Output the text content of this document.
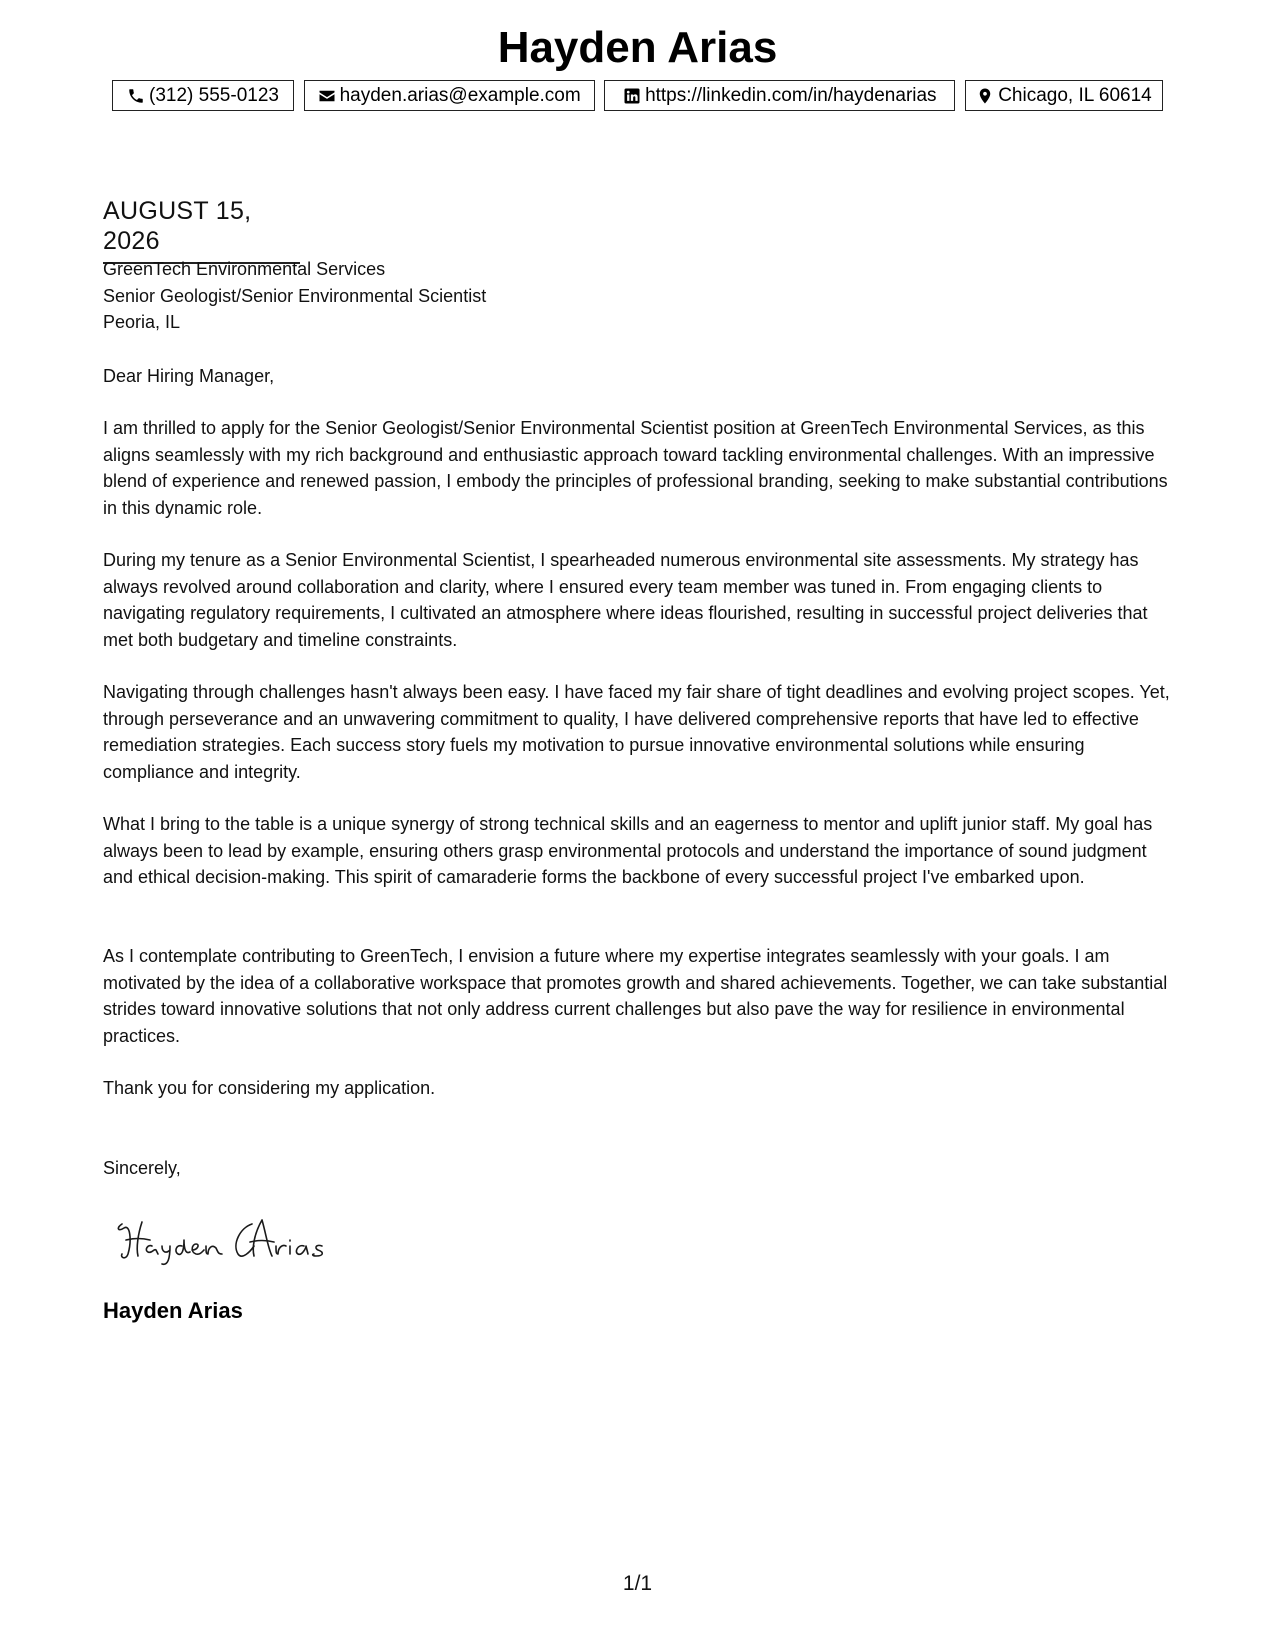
Hayden Arias
(312) 555-0123	hayden.arias@example.com	https://linkedin.com/in/haydenarias	Chicago, IL 60614
AUGUST 15, 2026
GreenTech Environmental Services
Senior Geologist/Senior Environmental Scientist
Peoria, IL
Dear Hiring Manager,
I am thrilled to apply for the Senior Geologist/Senior Environmental Scientist position at GreenTech Environmental Services, as this aligns seamlessly with my rich background and enthusiastic approach toward tackling environmental challenges. With an impressive blend of experience and renewed passion, I embody the principles of professional branding, seeking to make substantial contributions in this dynamic role.
During my tenure as a Senior Environmental Scientist, I spearheaded numerous environmental site assessments. My strategy has always revolved around collaboration and clarity, where I ensured every team member was tuned in. From engaging clients to navigating regulatory requirements, I cultivated an atmosphere where ideas flourished, resulting in successful project deliveries that met both budgetary and timeline constraints.
Navigating through challenges hasn't always been easy. I have faced my fair share of tight deadlines and evolving project scopes. Yet, through perseverance and an unwavering commitment to quality, I have delivered comprehensive reports that have led to effective remediation strategies. Each success story fuels my motivation to pursue innovative environmental solutions while ensuring compliance and integrity.
What I bring to the table is a unique synergy of strong technical skills and an eagerness to mentor and uplift junior staff. My goal has always been to lead by example, ensuring others grasp environmental protocols and understand the importance of sound judgment and ethical decision-making. This spirit of camaraderie forms the backbone of every successful project I've embarked upon.
As I contemplate contributing to GreenTech, I envision a future where my expertise integrates seamlessly with your goals. I am motivated by the idea of a collaborative workspace that promotes growth and shared achievements. Together, we can take substantial strides toward innovative solutions that not only address current challenges but also pave the way for resilience in environmental practices.
Thank you for considering my application.
Sincerely,
Hayden Arias
1/1
